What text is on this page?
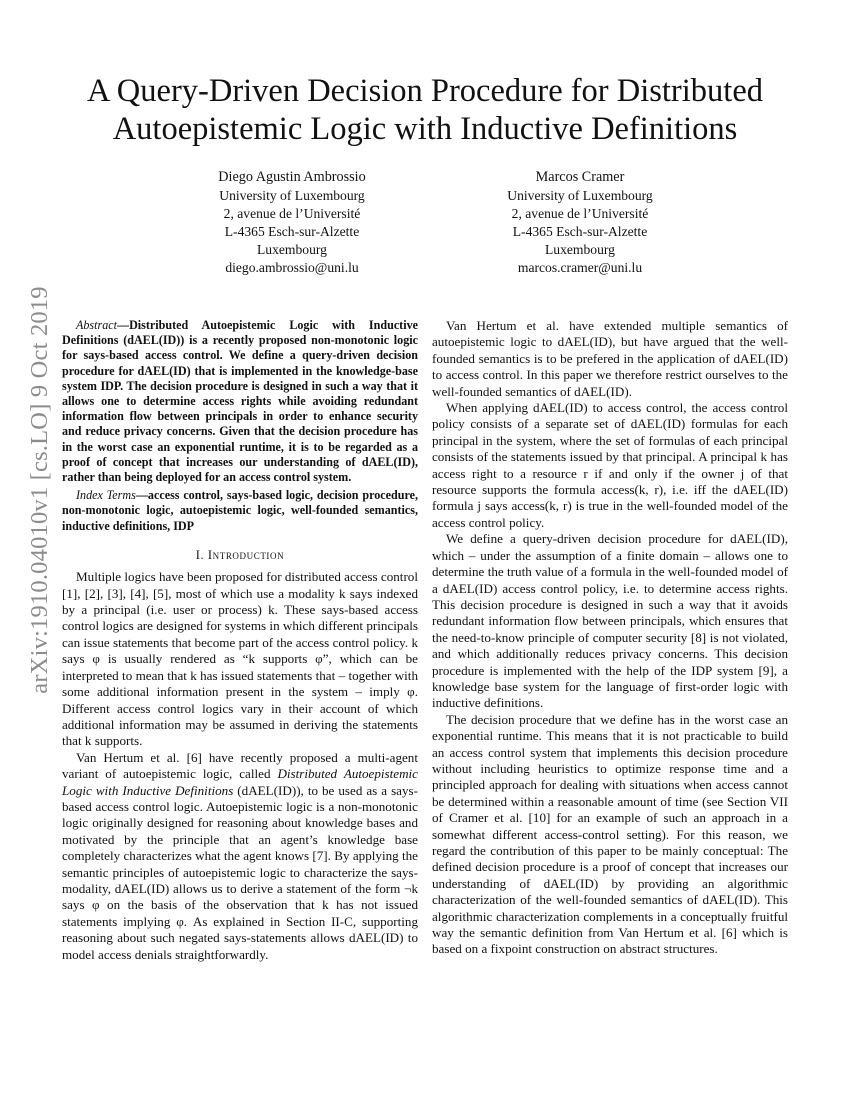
arXiv:1910.04010v1 [cs.LO] 9 Oct 2019
A Query-Driven Decision Procedure for Distributed
Autoepistemic Logic with Inductive Definitions
Diego Agustin Ambrossio
University of Luxembourg
2, avenue de l’Université
L-4365 Esch-sur-Alzette
Luxembourg
diego.ambrossio@uni.lu
Marcos Cramer
University of Luxembourg
2, avenue de l’Université
L-4365 Esch-sur-Alzette
Luxembourg
marcos.cramer@uni.lu

Abstract—Distributed Autoepistemic Logic with Inductive Definitions (dAEL(ID)) is a recently proposed non-monotonic logic for says-based access control. We define a query-driven decision procedure for dAEL(ID) that is implemented in the knowledge-base system IDP. The decision procedure is designed in such a way that it allows one to determine access rights while avoiding redundant information flow between principals in order to enhance security and reduce privacy concerns. Given that the decision procedure has in the worst case an exponential runtime, it is to be regarded as a proof of concept that increases our understanding of dAEL(ID), rather than being deployed for an access control system.

Index Terms—access control, says-based logic, decision procedure, non-monotonic logic, autoepistemic logic, well-founded semantics, inductive definitions, IDP

I. Introduction

Multiple logics have been proposed for distributed access control [1], [2], [3], [4], [5], most of which use a modality k says indexed by a principal (i.e. user or process) k. These says-based access control logics are designed for systems in which different principals can issue statements that become part of the access control policy. k says φ is usually rendered as “k supports φ”, which can be interpreted to mean that k has issued statements that – together with some additional information present in the system – imply φ. Different access control logics vary in their account of which additional information may be assumed in deriving the statements that k supports.

Van Hertum et al. [6] have recently proposed a multi-agent variant of autoepistemic logic, called Distributed Autoepistemic Logic with Inductive Definitions (dAEL(ID)), to be used as a says-based access control logic. Autoepistemic logic is a non-monotonic logic originally designed for reasoning about knowledge bases and motivated by the principle that an agent’s knowledge base completely characterizes what the agent knows [7]. By applying the semantic principles of autoepistemic logic to characterize the says-modality, dAEL(ID) allows us to derive a statement of the form ¬k says φ on the basis of the observation that k has not issued statements implying φ. As explained in Section II-C, supporting reasoning about such negated says-statements allows dAEL(ID) to model access denials straightforwardly.

Van Hertum et al. have extended multiple semantics of autoepistemic logic to dAEL(ID), but have argued that the well-founded semantics is to be prefered in the application of dAEL(ID) to access control. In this paper we therefore restrict ourselves to the well-founded semantics of dAEL(ID).

When applying dAEL(ID) to access control, the access control policy consists of a separate set of dAEL(ID) formulas for each principal in the system, where the set of formulas of each principal consists of the statements issued by that principal. A principal k has access right to a resource r if and only if the owner j of that resource supports the formula access(k, r), i.e. iff the dAEL(ID) formula j says access(k, r) is true in the well-founded model of the access control policy.

We define a query-driven decision procedure for dAEL(ID), which – under the assumption of a finite domain – allows one to determine the truth value of a formula in the well-founded model of a dAEL(ID) access control policy, i.e. to determine access rights. This decision procedure is designed in such a way that it avoids redundant information flow between principals, which ensures that the need-to-know principle of computer security [8] is not violated, and which additionally reduces privacy concerns. This decision procedure is implemented with the help of the IDP system [9], a knowledge base system for the language of first-order logic with inductive definitions.

The decision procedure that we define has in the worst case an exponential runtime. This means that it is not practicable to build an access control system that implements this decision procedure without including heuristics to optimize response time and a principled approach for dealing with situations when access cannot be determined within a reasonable amount of time (see Section VII of Cramer et al. [10] for an example of such an approach in a somewhat different access-control setting). For this reason, we regard the contribution of this paper to be mainly conceptual: The defined decision procedure is a proof of concept that increases our understanding of dAEL(ID) by providing an algorithmic characterization of the well-founded semantics of dAEL(ID). This algorithmic characterization complements in a conceptually fruitful way the semantic definition from Van Hertum et al. [6] which is based on a fixpoint construction on abstract structures.
